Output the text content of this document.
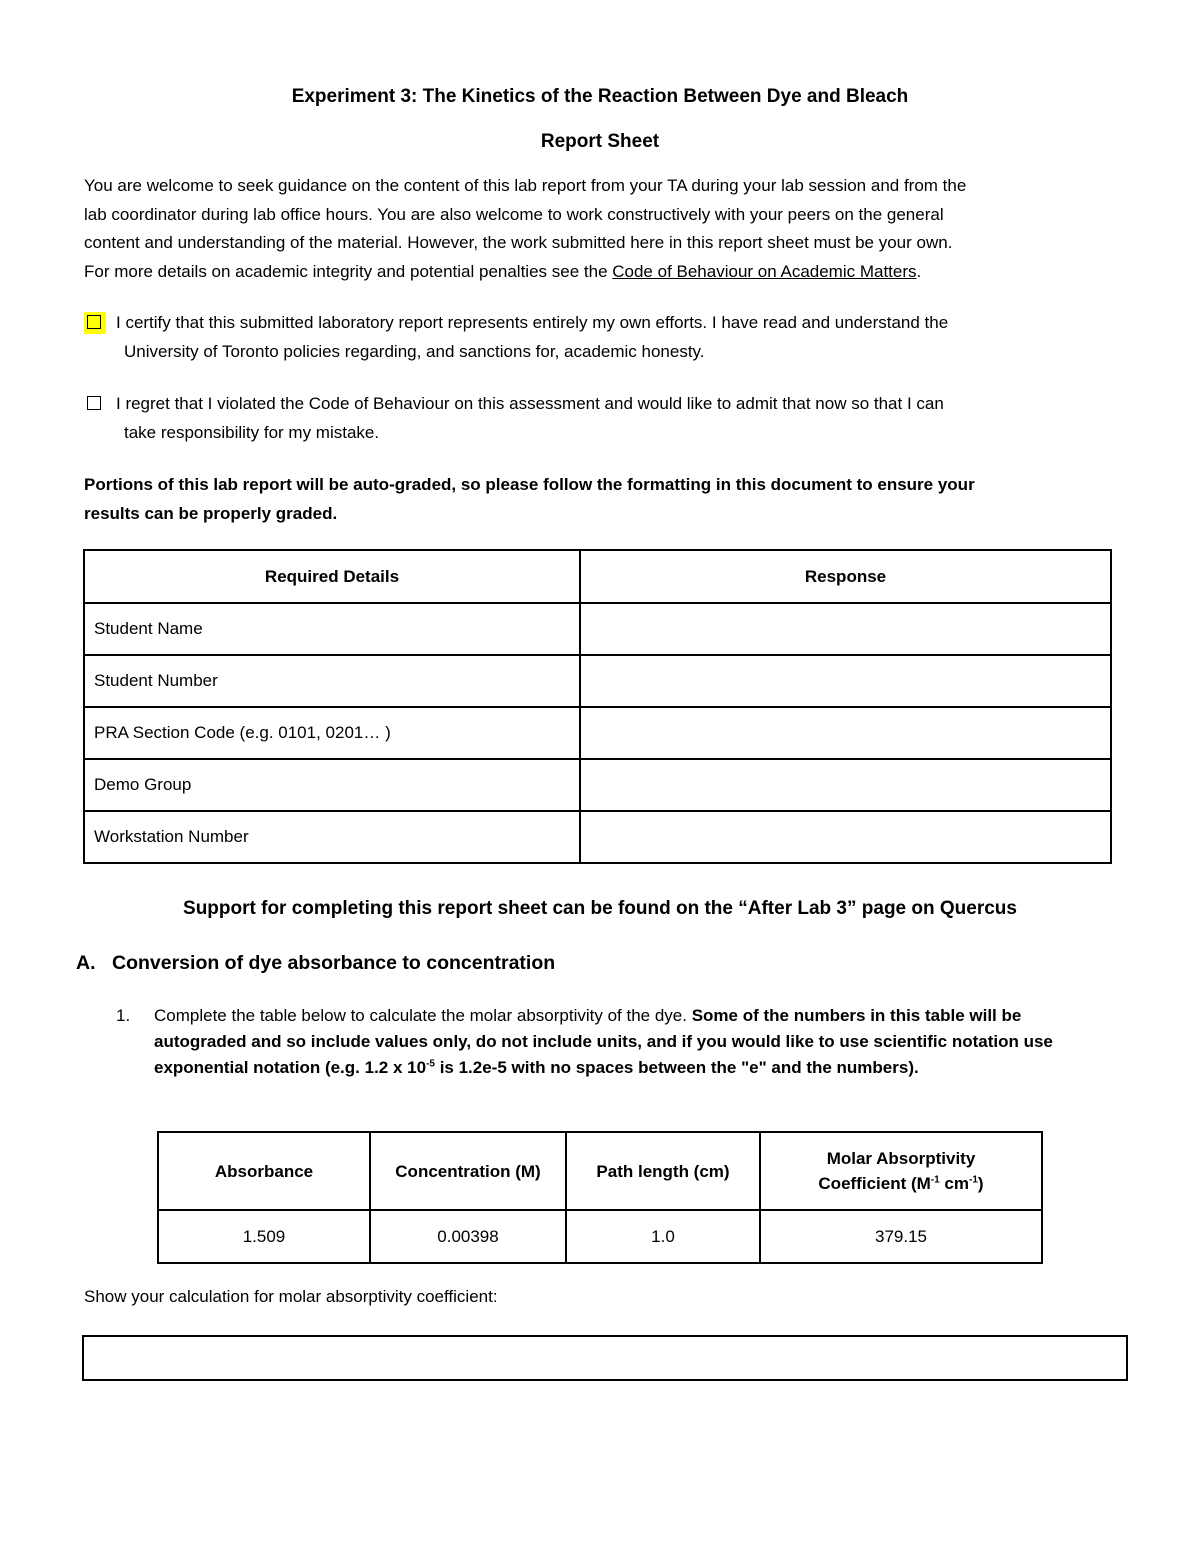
Experiment 3: The Kinetics of the Reaction Between Dye and Bleach
Report Sheet
You are welcome to seek guidance on the content of this lab report from your TA during your lab session and from the
lab coordinator during lab office hours. You are also welcome to work constructively with your peers on the general
content and understanding of the material. However, the work submitted here in this report sheet must be your own.
For more details on academic integrity and potential penalties see the Code of Behaviour on Academic Matters.
I certify that this submitted laboratory report represents entirely my own efforts. I have read and understand the
University of Toronto policies regarding, and sanctions for, academic honesty.
I regret that I violated the Code of Behaviour on this assessment and would like to admit that now so that I can
take responsibility for my mistake.
Portions of this lab report will be auto-graded, so please follow the formatting in this document to ensure your
results can be properly graded.
Required Details	Response
Student Name	
Student Number	
PRA Section Code (e.g. 0101, 0201… )	
Demo Group	
Workstation Number	
Support for completing this report sheet can be found on the “After Lab 3” page on Quercus
A. Conversion of dye absorbance to concentration
1.	Complete the table below to calculate the molar absorptivity of the dye. Some of the numbers in this table will be autograded and so include values only, do not include units, and if you would like to use scientific notation use exponential notation (e.g. 1.2 x $10^{-5}$ is 1.2e-5 with no spaces between the "e" and the numbers).
Absorbance	Concentration (M)	Path length (cm)	Molar Absorptivity
Coefficient ($M^{-1}$ $cm^{-1}$)

1.509	0.00398	1.0	379.15
Show your calculation for molar absorptivity coefficient:
